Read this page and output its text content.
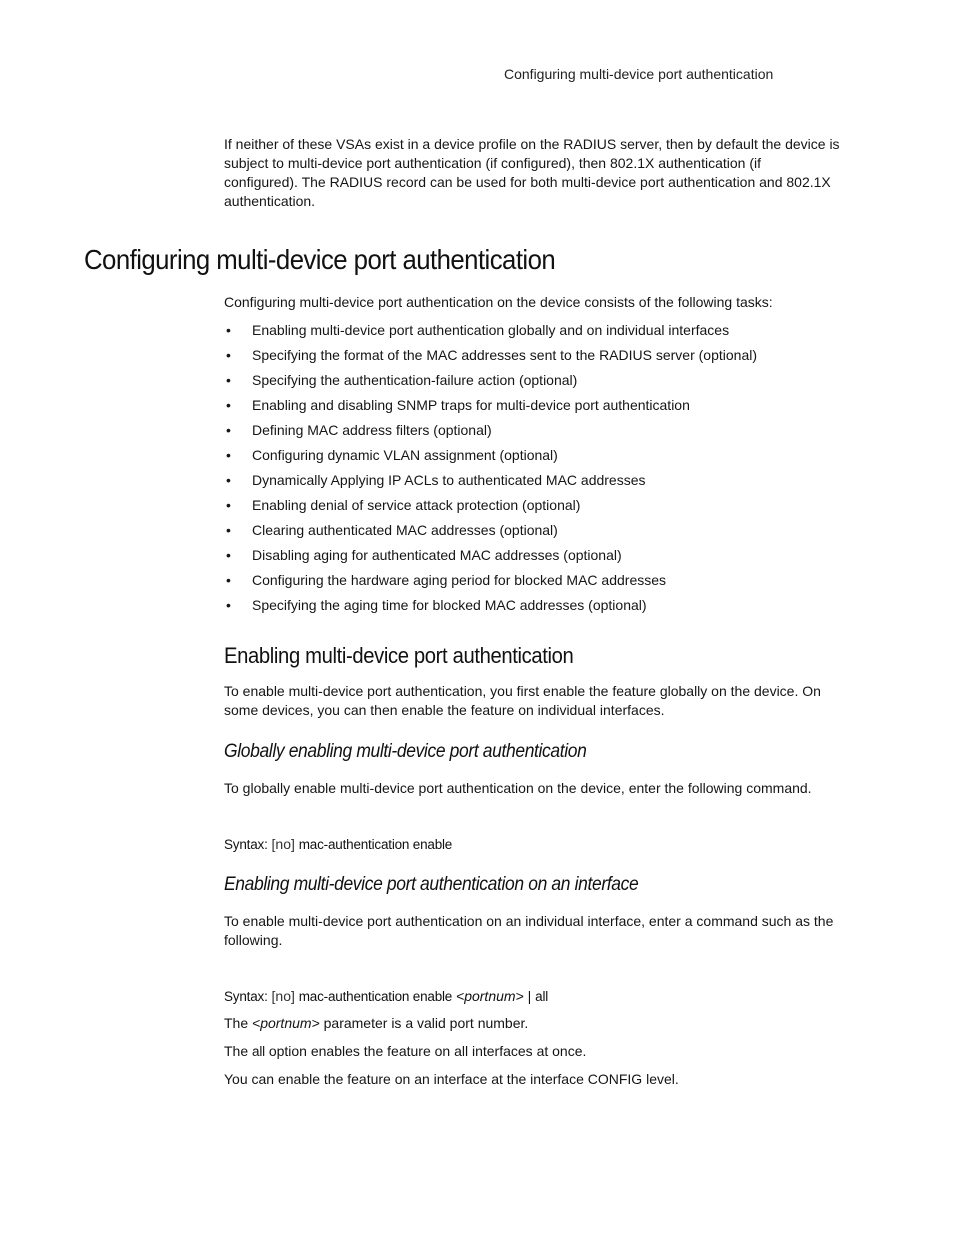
Configuring multi-device port authentication

If neither of these VSAs exist in a device profile on the RADIUS server, then by default the device is
subject to multi-device port authentication (if configured), then 802.1X authentication (if
configured). The RADIUS record can be used for both multi-device port authentication and 802.1X
authentication.

Configuring multi-device port authentication

Configuring multi-device port authentication on the device consists of the following tasks:

• Enabling multi-device port authentication globally and on individual interfaces
• Specifying the format of the MAC addresses sent to the RADIUS server (optional)
• Specifying the authentication-failure action (optional)
• Enabling and disabling SNMP traps for multi-device port authentication
• Defining MAC address filters (optional)
• Configuring dynamic VLAN assignment (optional)
• Dynamically Applying IP ACLs to authenticated MAC addresses
• Enabling denial of service attack protection (optional)
• Clearing authenticated MAC addresses (optional)
• Disabling aging for authenticated MAC addresses (optional)
• Configuring the hardware aging period for blocked MAC addresses
• Specifying the aging time for blocked MAC addresses (optional)
Enabling multi-device port authentication

To enable multi-device port authentication, you first enable the feature globally on the device. On
some devices, you can then enable the feature on individual interfaces.

Globally enabling multi-device port authentication

To globally enable multi-device port authentication on the device, enter the following command.

Syntax: [no] mac-authentication enable
Enabling multi-device port authentication on an interface

To enable multi-device port authentication on an individual interface, enter a command such as the
following.

Syntax: [no] mac-authentication enable <portnum> | all

The <portnum> parameter is a valid port number.

The all option enables the feature on all interfaces at once.

You can enable the feature on an interface at the interface CONFIG level.
